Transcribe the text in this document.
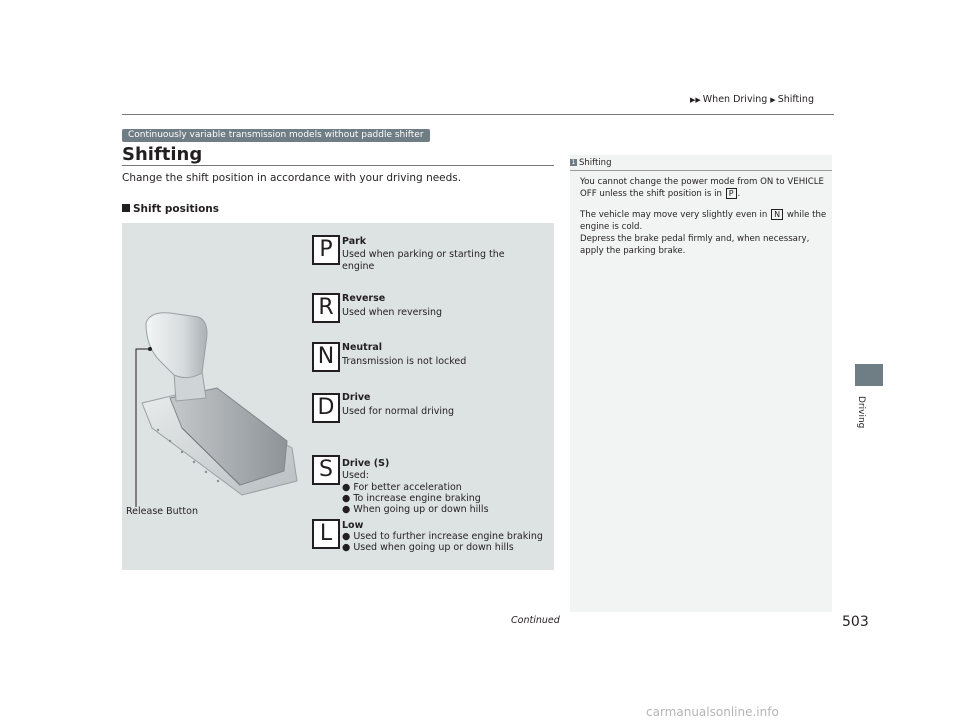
▶▶ When Driving ▶ Shifting
Continuously variable transmission models without paddle shifter
Shifting
Change the shift position in accordance with your driving needs.
Shift positions
P Park
Used when parking or starting the engine
R Reverse
Used when reversing
N Neutral
Transmission is not locked
D Drive
Used for normal driving
S Drive (S)
Used:
● For better acceleration
● To increase engine braking
● When going up or down hills
L	Low
● Used to further increase engine braking
● Used when going up or down hills
Release Button
1 Shifting

You cannot change the power mode from ON to VEHICLE OFF unless the shift position is in P .

The vehicle may move very slightly even in N while the engine is cold.

Depress the brake pedal firmly and, when necessary, apply the parking brake.

Driving
Continued	503
carmanualsonline.info
